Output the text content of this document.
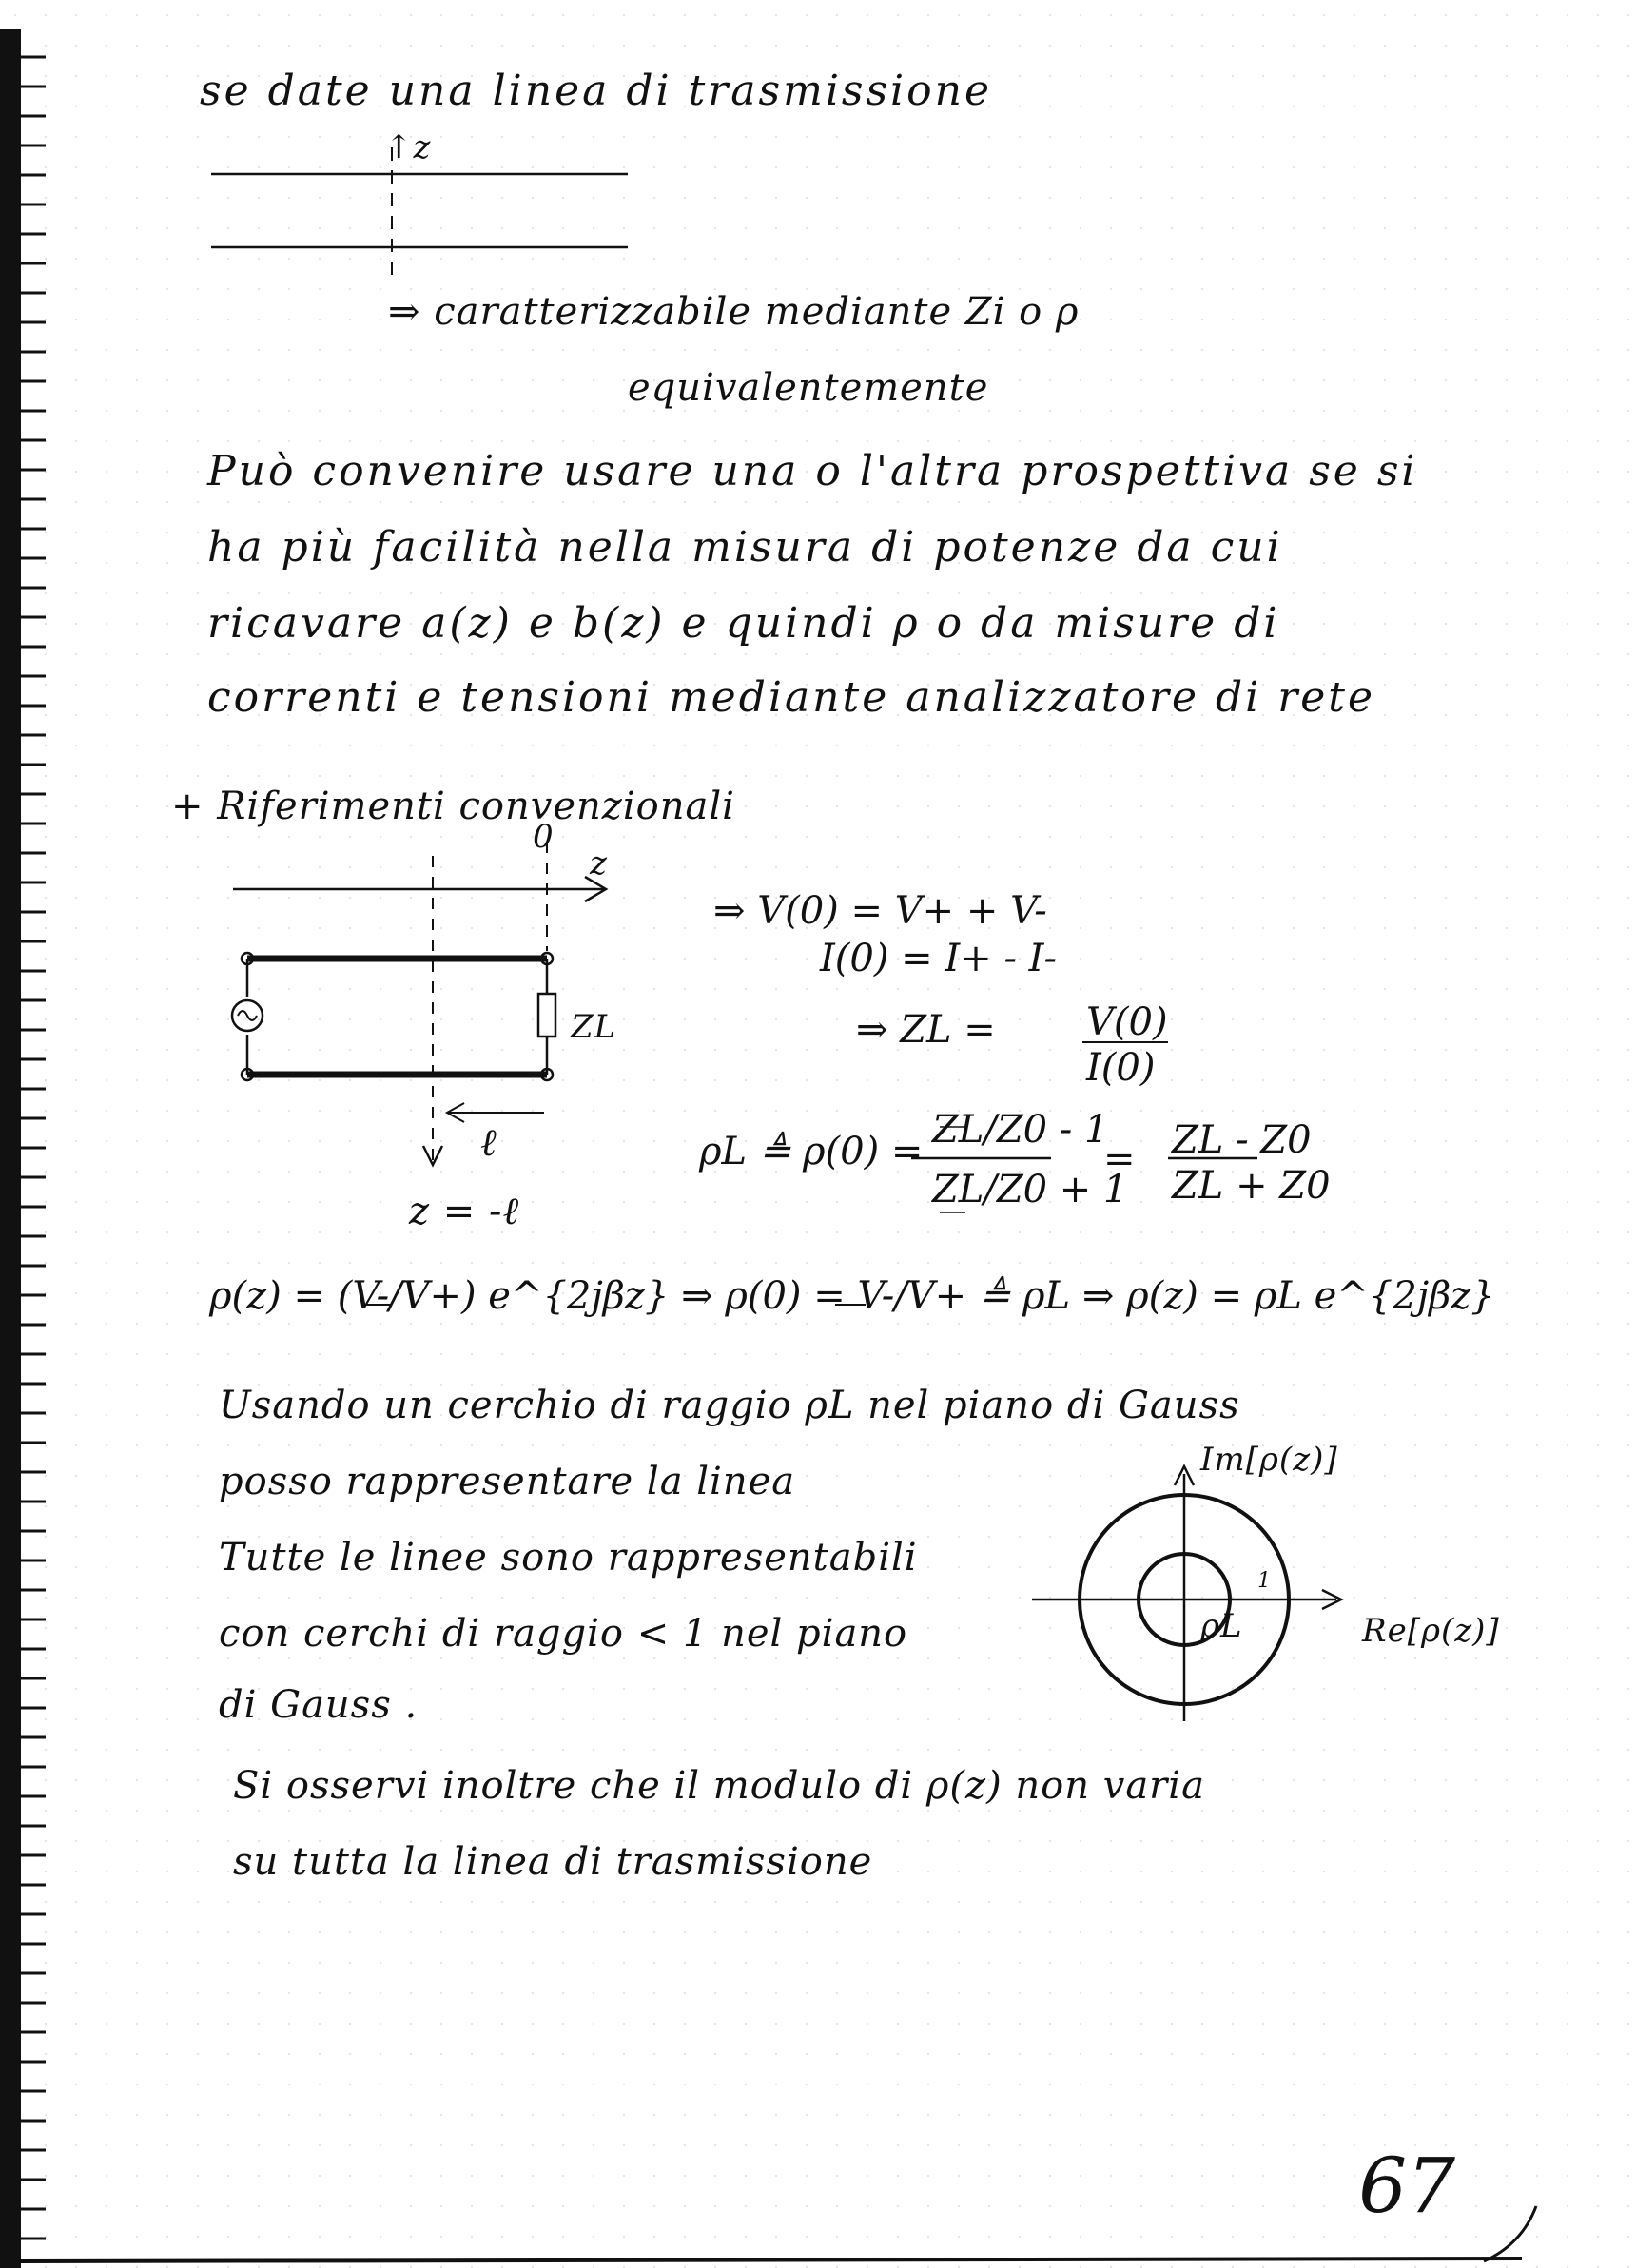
se date una linea di trasmissione
↑z
⇒ caratterizzabile mediante Zi o ρ
equivalentemente
Può convenire usare una o l'altra prospettiva se si
ha più facilità nella misura di potenze da cui
ricavare a(z) e b(z) e quindi ρ o da misure di
correnti e tensioni mediante analizzatore di rete
+ Riferimenti convenzionali
0
z
ZL
ℓ
z = -ℓ
⇒ V(0) = V+ + V-
I(0) = I+ - I-
⇒ ZL = V(0)
I(0)
ρL ≜ ρ(0) = ZL/Z0 - 1
ZL/Z0 + 1
= ZL - Z0
ZL + Z0
ρ(z) = (V-/V+) e^{2jβz} ⇒ ρ(0) = V-/V+ ≜ ρL ⇒ ρ(z) = ρL e^{2jβz}
Usando un cerchio di raggio ρL nel piano di Gauss
posso rappresentare la linea
Tutte le linee sono rappresentabili
con cerchi di raggio < 1 nel piano
di Gauss .
Im[ρ(z)]
Re[ρ(z)]
ρL
1
Si osservi inoltre che il modulo di ρ(z) non varia
su tutta la linea di trasmissione
67
